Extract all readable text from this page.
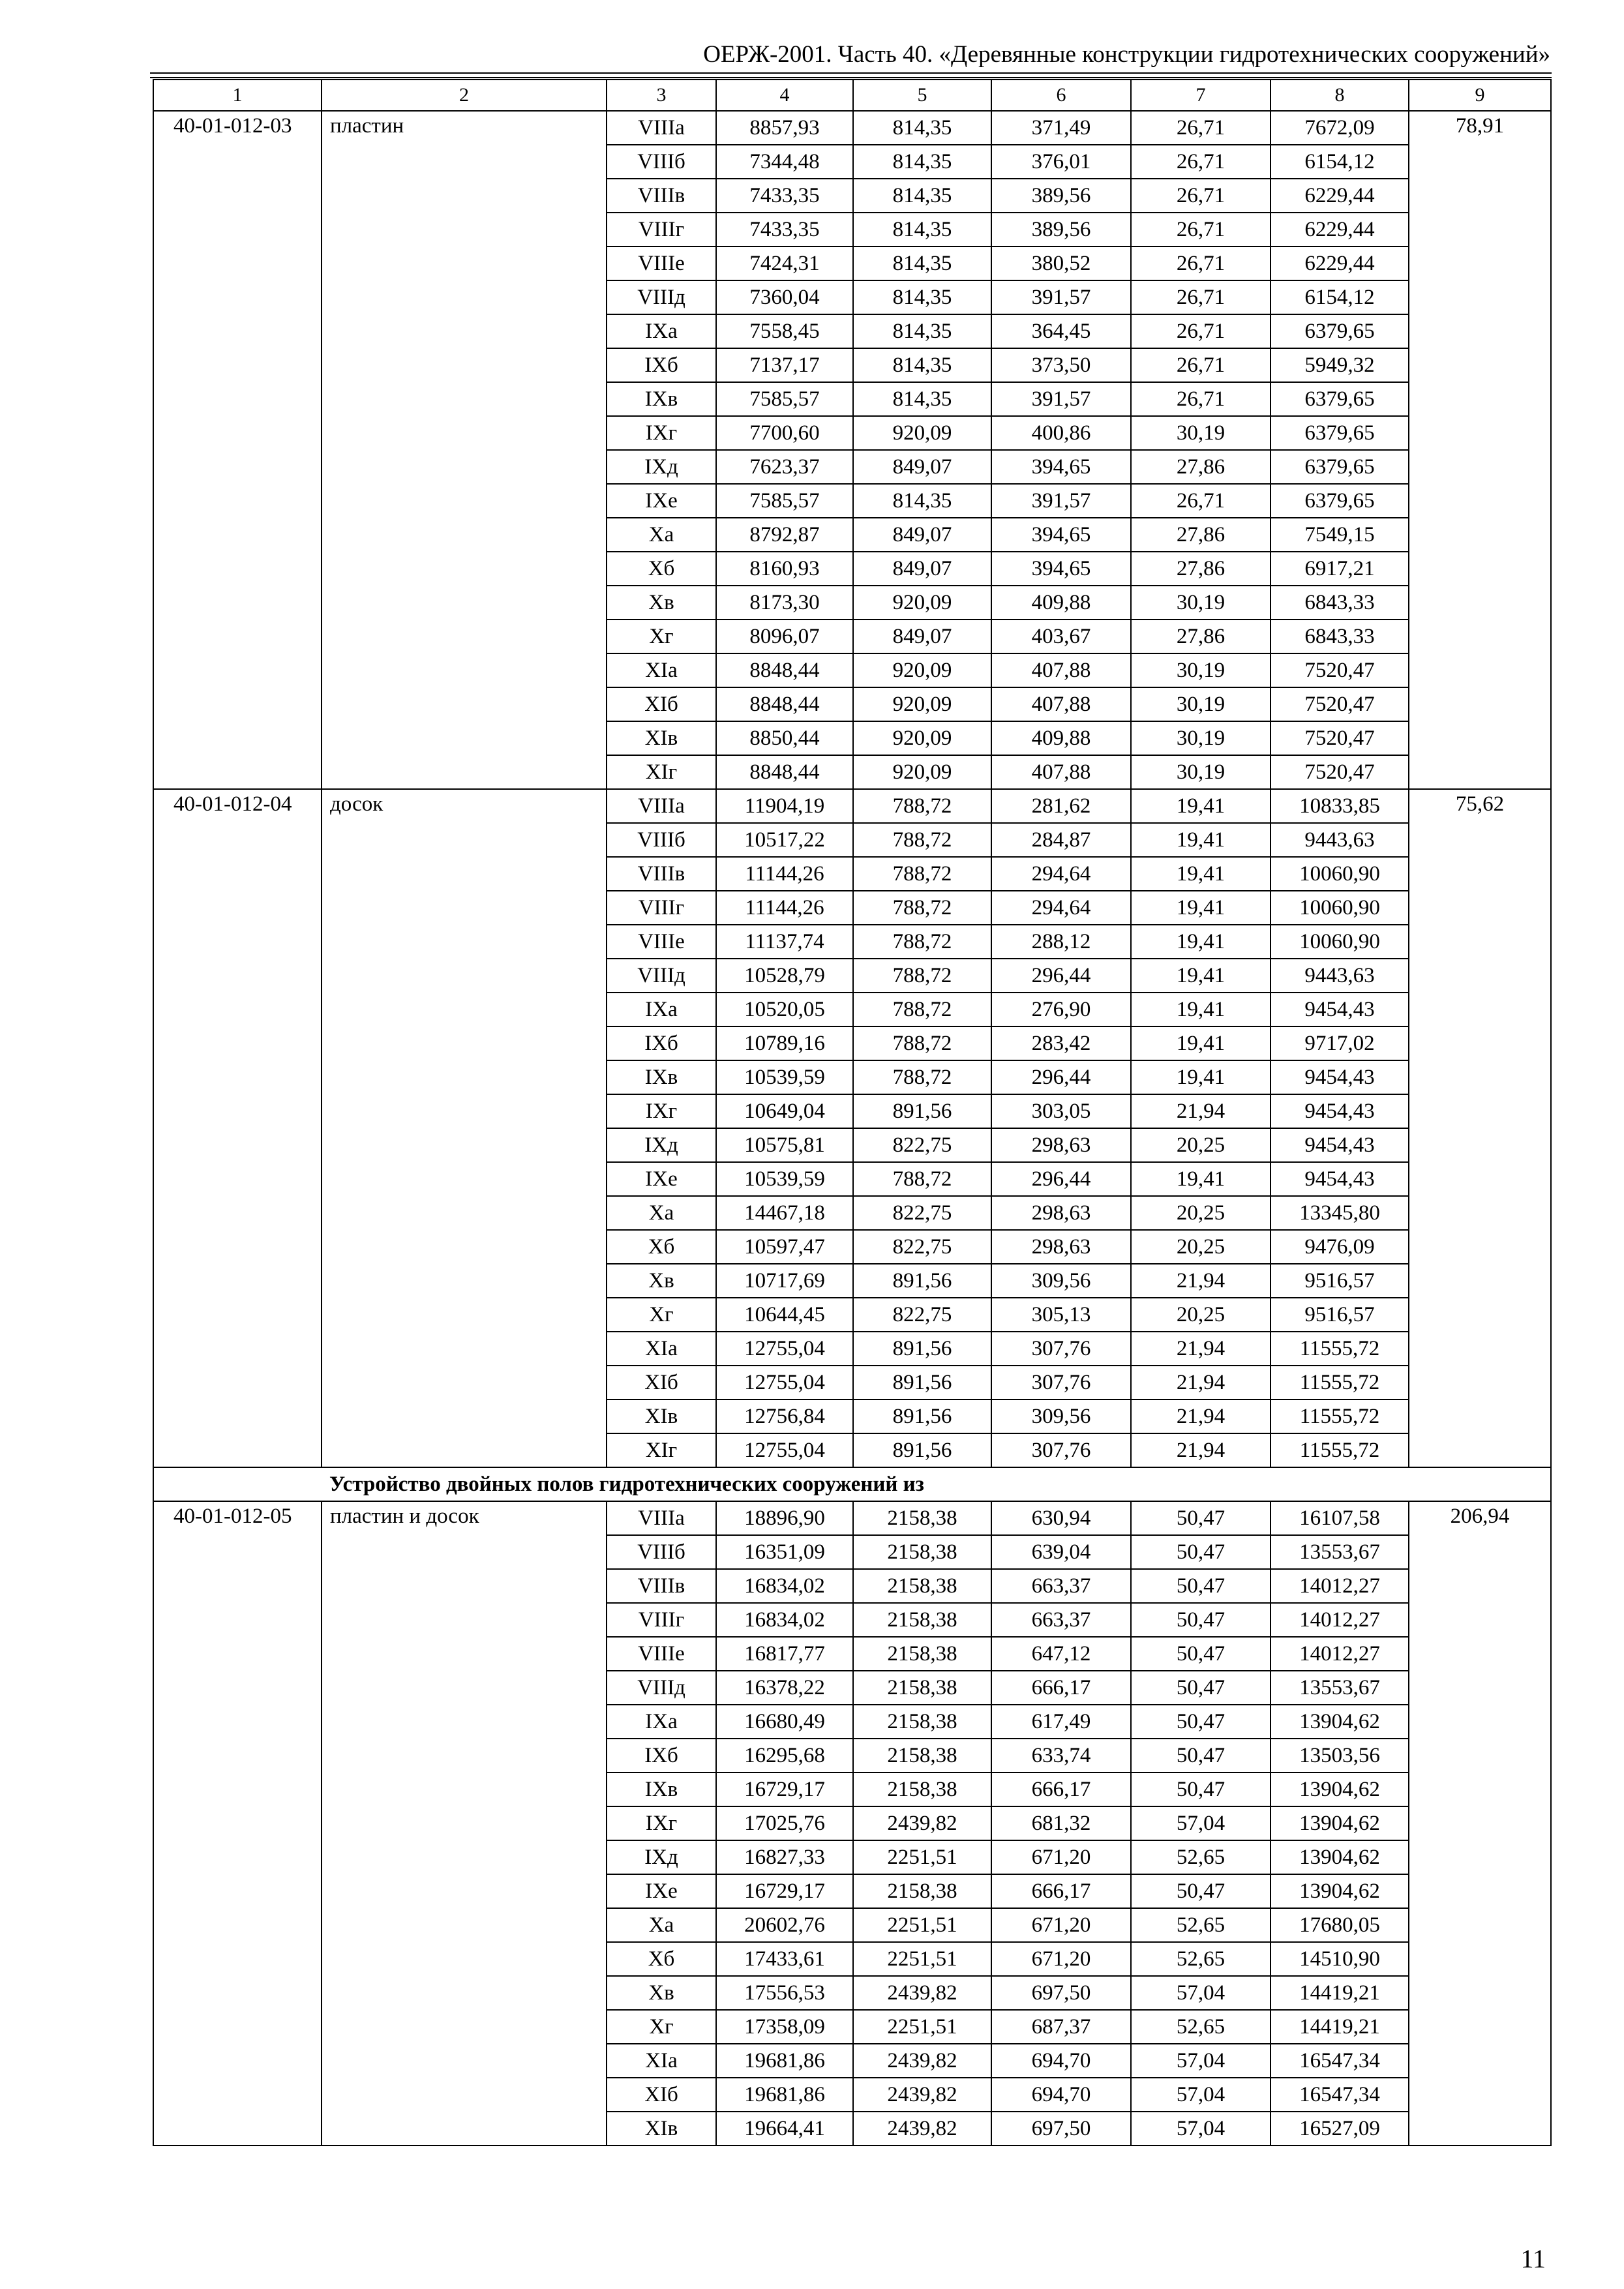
ОЕРЖ-2001. Часть 40. «Деревянные конструкции гидротехнических сооружений»
1	2	3	4	5	6	7	8	9
40-01-012-03	пластин	VIIIа	8857,93	814,35	371,49	26,71	7672,09	78,91
		VIIIб	7344,48	814,35	376,01	26,71	6154,12	
		VIIIв	7433,35	814,35	389,56	26,71	6229,44	
		VIIIг	7433,35	814,35	389,56	26,71	6229,44	
		VIIIе	7424,31	814,35	380,52	26,71	6229,44	
		VIIIд	7360,04	814,35	391,57	26,71	6154,12	
		IXа	7558,45	814,35	364,45	26,71	6379,65	
		IXб	7137,17	814,35	373,50	26,71	5949,32	
		IXв	7585,57	814,35	391,57	26,71	6379,65	
		IXг	7700,60	920,09	400,86	30,19	6379,65	
		IXд	7623,37	849,07	394,65	27,86	6379,65	
		IXе	7585,57	814,35	391,57	26,71	6379,65	
		Xа	8792,87	849,07	394,65	27,86	7549,15	
		Xб	8160,93	849,07	394,65	27,86	6917,21	
		Xв	8173,30	920,09	409,88	30,19	6843,33	
		Xг	8096,07	849,07	403,67	27,86	6843,33	
		XIа	8848,44	920,09	407,88	30,19	7520,47	
		XIб	8848,44	920,09	407,88	30,19	7520,47	
		XIв	8850,44	920,09	409,88	30,19	7520,47	
		XIг	8848,44	920,09	407,88	30,19	7520,47	
40-01-012-04	досок	VIIIа	11904,19	788,72	281,62	19,41	10833,85	75,62
		VIIIб	10517,22	788,72	284,87	19,41	9443,63	
		VIIIв	11144,26	788,72	294,64	19,41	10060,90	
		VIIIг	11144,26	788,72	294,64	19,41	10060,90	
		VIIIе	11137,74	788,72	288,12	19,41	10060,90	
		VIIIд	10528,79	788,72	296,44	19,41	9443,63	
		IXа	10520,05	788,72	276,90	19,41	9454,43	
		IXб	10789,16	788,72	283,42	19,41	9717,02	
		IXв	10539,59	788,72	296,44	19,41	9454,43	
		IXг	10649,04	891,56	303,05	21,94	9454,43	
		IXд	10575,81	822,75	298,63	20,25	9454,43	
		IXе	10539,59	788,72	296,44	19,41	9454,43	
		Xа	14467,18	822,75	298,63	20,25	13345,80	
		Xб	10597,47	822,75	298,63	20,25	9476,09	
		Xв	10717,69	891,56	309,56	21,94	9516,57	
		Xг	10644,45	822,75	305,13	20,25	9516,57	
		XIа	12755,04	891,56	307,76	21,94	11555,72	
		XIб	12755,04	891,56	307,76	21,94	11555,72	
		XIв	12756,84	891,56	309,56	21,94	11555,72	
		XIг	12755,04	891,56	307,76	21,94	11555,72	
	Устройство двойных полов гидротехнических сооружений из							
40-01-012-05	пластин и досок	VIIIа	18896,90	2158,38	630,94	50,47	16107,58	206,94
		VIIIб	16351,09	2158,38	639,04	50,47	13553,67	
		VIIIв	16834,02	2158,38	663,37	50,47	14012,27	
		VIIIг	16834,02	2158,38	663,37	50,47	14012,27	
		VIIIе	16817,77	2158,38	647,12	50,47	14012,27	
		VIIIд	16378,22	2158,38	666,17	50,47	13553,67	
		IXа	16680,49	2158,38	617,49	50,47	13904,62	
		IXб	16295,68	2158,38	633,74	50,47	13503,56	
		IXв	16729,17	2158,38	666,17	50,47	13904,62	
		IXг	17025,76	2439,82	681,32	57,04	13904,62	
		IXд	16827,33	2251,51	671,20	52,65	13904,62	
		IXе	16729,17	2158,38	666,17	50,47	13904,62	
		Xа	20602,76	2251,51	671,20	52,65	17680,05	
		Xб	17433,61	2251,51	671,20	52,65	14510,90	
		Xв	17556,53	2439,82	697,50	57,04	14419,21	
		Xг	17358,09	2251,51	687,37	52,65	14419,21	
		XIа	19681,86	2439,82	694,70	57,04	16547,34	
		XIб	19681,86	2439,82	694,70	57,04	16547,34	
		XIв	19664,41	2439,82	697,50	57,04	16527,09	
11
